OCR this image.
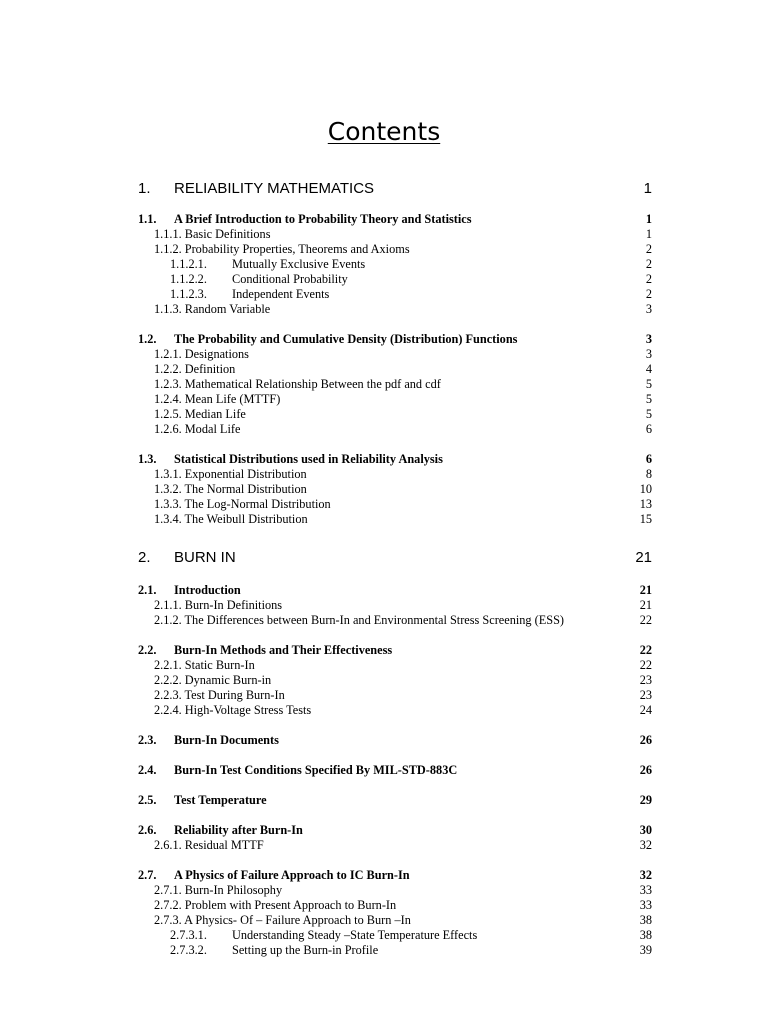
Contents
1. RELIABILITY MATHEMATICS	1
1.1. A Brief Introduction to Probability Theory and Statistics	1
1.1.1. Basic Definitions	1
1.1.2. Probability Properties, Theorems and Axioms	2
1.1.2.1. Mutually Exclusive Events	2
1.1.2.2. Conditional Probability	2
1.1.2.3. Independent Events	2
1.1.3. Random Variable	3
1.2. The Probability and Cumulative Density (Distribution) Functions	3
1.2.1. Designations	3
1.2.2. Definition	4
1.2.3. Mathematical Relationship Between the pdf and cdf	5
1.2.4. Mean Life (MTTF)	5
1.2.5. Median Life	5
1.2.6. Modal Life	6
1.3. Statistical Distributions used in Reliability Analysis	6
1.3.1. Exponential Distribution	8
1.3.2. The Normal Distribution	10
1.3.3. The Log-Normal Distribution	13
1.3.4. The Weibull Distribution	15
2. BURN IN	21
2.1. Introduction	21
2.1.1. Burn-In Definitions	21
2.1.2. The Differences between Burn-In and Environmental Stress Screening (ESS)	22
2.2. Burn-In Methods and Their Effectiveness	22
2.2.1. Static Burn-In	22
2.2.2. Dynamic Burn-in	23
2.2.3. Test During Burn-In	23
2.2.4. High-Voltage Stress Tests	24
2.3. Burn-In Documents	26
2.4. Burn-In Test Conditions Specified By MIL-STD-883C	26
2.5. Test Temperature	29
2.6. Reliability after Burn-In	30
2.6.1. Residual MTTF	32
2.7. A Physics of Failure Approach to IC Burn-In	32
2.7.1. Burn-In Philosophy	33
2.7.2. Problem with Present Approach to Burn-In	33
2.7.3. A Physics- Of – Failure Approach to Burn –In	38
2.7.3.1. Understanding Steady –State Temperature Effects	38
2.7.3.2. Setting up the Burn-in Profile	39
